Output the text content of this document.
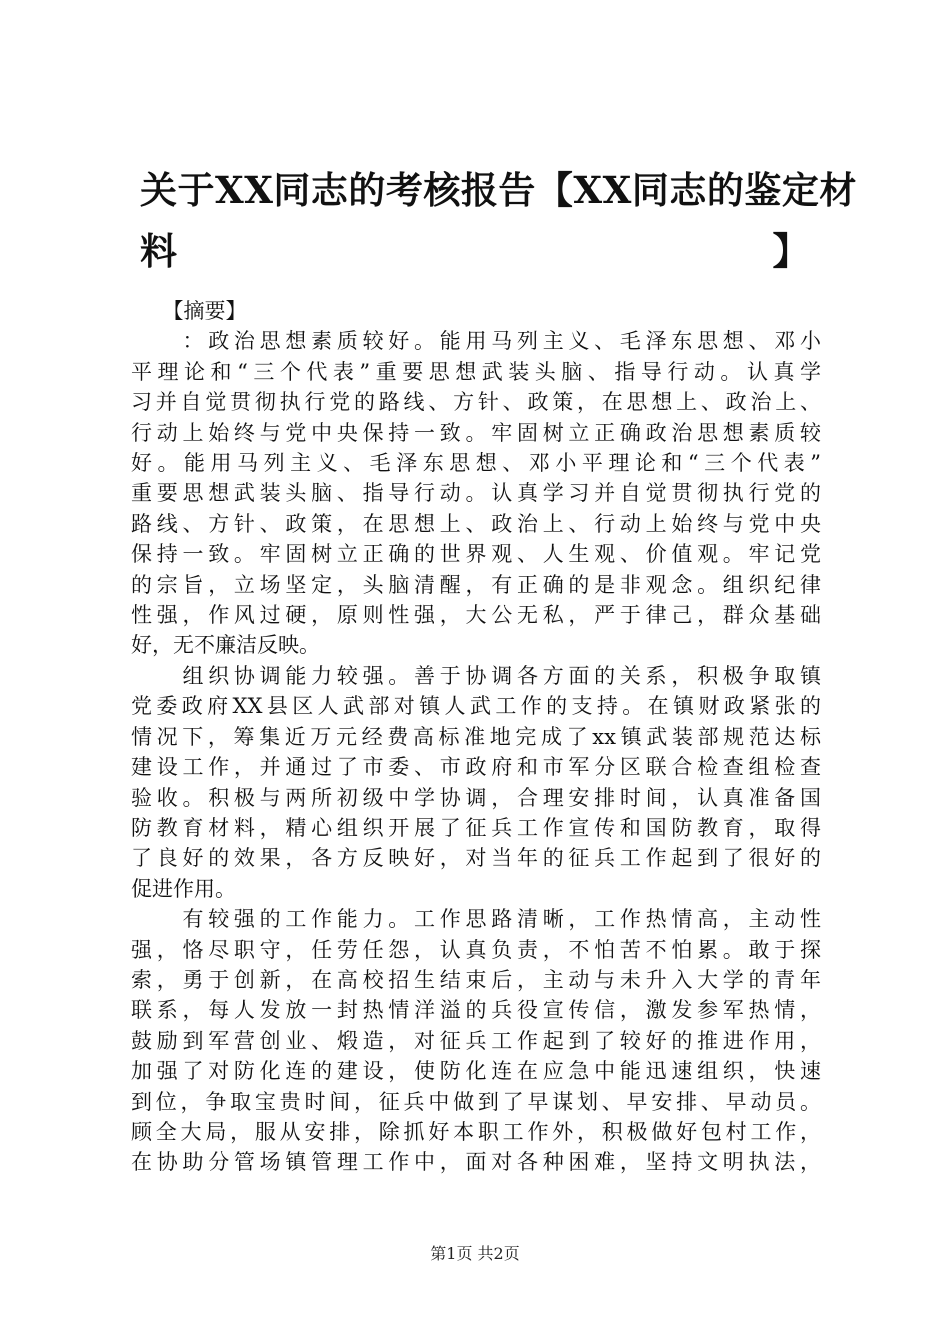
关于XX同志的考核报告【XX同志的鉴定材
料】
　　【摘要】
　　：政治思想素质较好。能用马列主义、毛泽东思想、邓小
平理论和“三个代表”重要思想武装头脑、指导行动。认真学
习并自觉贯彻执行党的路线、方针、政策，在思想上、政治上、
行动上始终与党中央保持一致。牢固树立正确政治思想素质较
好。能用马列主义、毛泽东思想、邓小平理论和“三个代表”
重要思想武装头脑、指导行动。认真学习并自觉贯彻执行党的
路线、方针、政策，在思想上、政治上、行动上始终与党中央
保持一致。牢固树立正确的世界观、人生观、价值观。牢记党
的宗旨，立场坚定，头脑清醒，有正确的是非观念。组织纪律
性强，作风过硬，原则性强，大公无私，严于律己，群众基础
好，无不廉洁反映。
　　组织协调能力较强。善于协调各方面的关系，积极争取镇
党委政府XX县区人武部对镇人武工作的支持。在镇财政紧张的
情况下，筹集近万元经费高标准地完成了xx镇武装部规范达标
建设工作，并通过了市委、市政府和市军分区联合检查组检查
验收。积极与两所初级中学协调，合理安排时间，认真准备国
防教育材料，精心组织开展了征兵工作宣传和国防教育，取得
了良好的效果，各方反映好，对当年的征兵工作起到了很好的
促进作用。
　　有较强的工作能力。工作思路清晰，工作热情高，主动性
强，恪尽职守，任劳任怨，认真负责，不怕苦不怕累。敢于探
索，勇于创新，在高校招生结束后，主动与未升入大学的青年
联系，每人发放一封热情洋溢的兵役宣传信，激发参军热情，
鼓励到军营创业、煅造，对征兵工作起到了较好的推进作用，
加强了对防化连的建设，使防化连在应急中能迅速组织，快速
到位，争取宝贵时间，征兵中做到了早谋划、早安排、早动员。
顾全大局，服从安排，除抓好本职工作外，积极做好包村工作，
在协助分管场镇管理工作中，面对各种困难，坚持文明执法，
第1页 共2页
